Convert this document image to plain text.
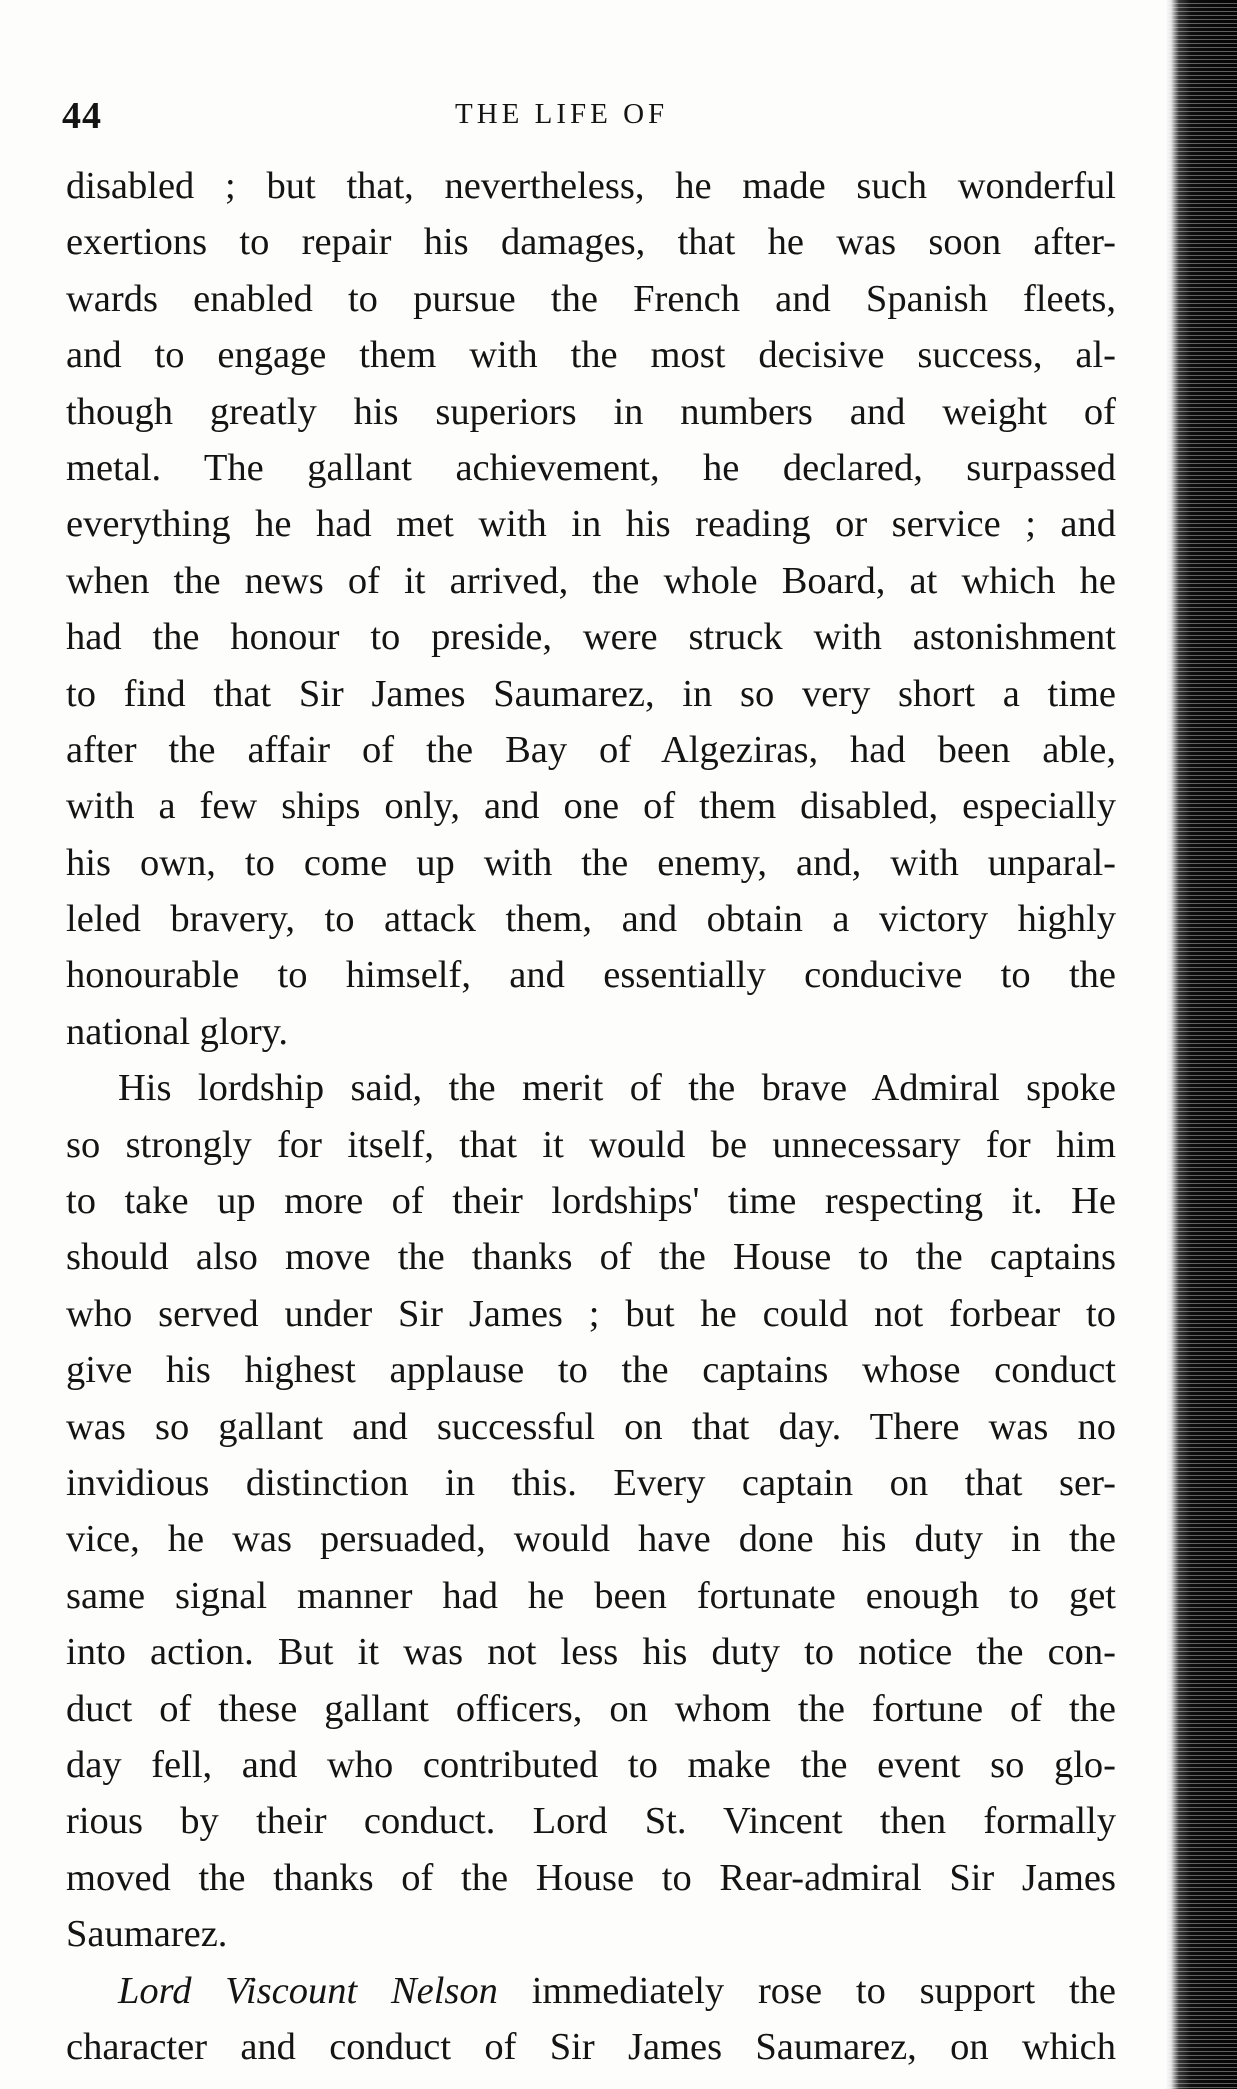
44	THE LIFE OF
disabled ; but that, nevertheless, he made such wonderful
exertions to repair his damages, that he was soon after-
wards enabled to pursue the French and Spanish fleets,
and to engage them with the most decisive success, al-
though greatly his superiors in numbers and weight of
metal. The gallant achievement, he declared, surpassed
everything he had met with in his reading or service ; and
when the news of it arrived, the whole Board, at which he
had the honour to preside, were struck with astonishment
to find that Sir James Saumarez, in so very short a time
after the affair of the Bay of Algeziras, had been able,
with a few ships only, and one of them disabled, especially
his own, to come up with the enemy, and, with unparal-
leled bravery, to attack them, and obtain a victory highly
honourable to himself, and essentially conducive to the
national glory.
His lordship said, the merit of the brave Admiral spoke
so strongly for itself, that it would be unnecessary for him
to take up more of their lordships' time respecting it. He
should also move the thanks of the House to the captains
who served under Sir James ; but he could not forbear to
give his highest applause to the captains whose conduct
was so gallant and successful on that day. There was no
invidious distinction in this. Every captain on that ser-
vice, he was persuaded, would have done his duty in the
same signal manner had he been fortunate enough to get
into action. But it was not less his duty to notice the con-
duct of these gallant officers, on whom the fortune of the
day fell, and who contributed to make the event so glo-
rious by their conduct. Lord St. Vincent then formally
moved the thanks of the House to Rear-admiral Sir James
Saumarez.
Lord Viscount Nelson immediately rose to support the
character and conduct of Sir James Saumarez, on which
